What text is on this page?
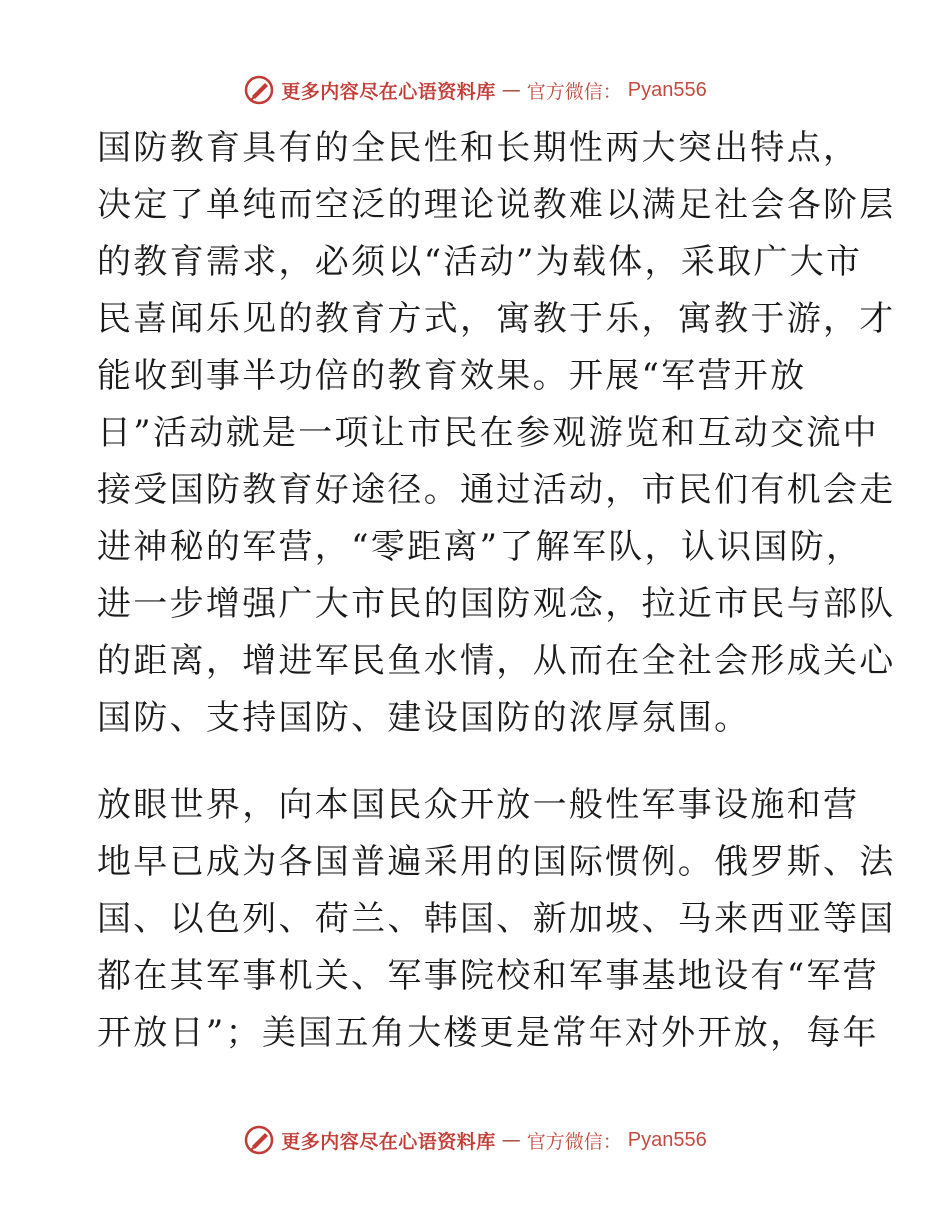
更多内容尽在心语资料库 — 官方微信： Pyan556
国防教育具有的全民性和长期性两大突出特点，
决定了单纯而空泛的理论说教难以满足社会各阶层
的教育需求，必须以“活动”为载体，采取广大市
民喜闻乐见的教育方式，寓教于乐，寓教于游，才
能收到事半功倍的教育效果。开展“军营开放
日”活动就是一项让市民在参观游览和互动交流中
接受国防教育好途径。通过活动，市民们有机会走
进神秘的军营，“零距离”了解军队，认识国防，
进一步增强广大市民的国防观念，拉近市民与部队
的距离，增进军民鱼水情，从而在全社会形成关心
国防、支持国防、建设国防的浓厚氛围。
放眼世界，向本国民众开放一般性军事设施和营
地早已成为各国普遍采用的国际惯例。俄罗斯、法
国、以色列、荷兰、韩国、新加坡、马来西亚等国
都在其军事机关、军事院校和军事基地设有“军营
开放日”；美国五角大楼更是常年对外开放，每年
更多内容尽在心语资料库 — 官方微信： Pyan556
